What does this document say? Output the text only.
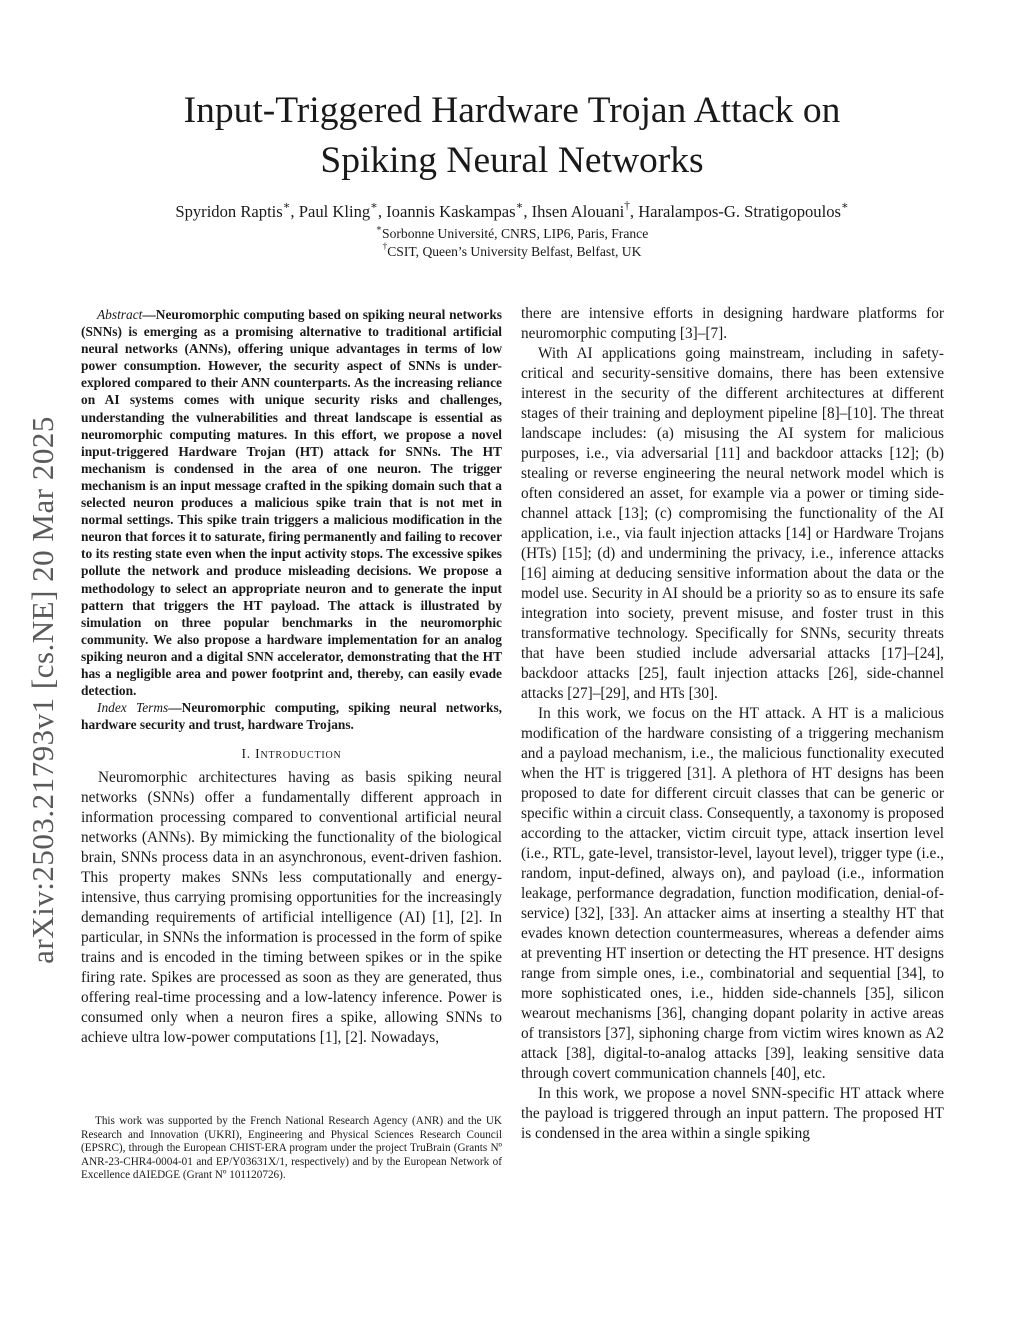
arXiv:2503.21793v1 [cs.NE] 20 Mar 2025
Input-Triggered Hardware Trojan Attack on
Spiking Neural Networks
Spyridon Raptis∗, Paul Kling∗, Ioannis Kaskampas∗, Ihsen Alouani†, Haralampos-G. Stratigopoulos∗
∗Sorbonne Université, CNRS, LIP6, Paris, France
†CSIT, Queen’s University Belfast, Belfast, UK

Abstract—Neuromorphic computing based on spiking neural networks (SNNs) is emerging as a promising alternative to traditional artificial neural networks (ANNs), offering unique advantages in terms of low power consumption. However, the security aspect of SNNs is under-explored compared to their ANN counterparts. As the increasing reliance on AI systems comes with unique security risks and challenges, understanding the vulnerabilities and threat landscape is essential as neuromorphic computing matures. In this effort, we propose a novel input-triggered Hardware Trojan (HT) attack for SNNs. The HT mechanism is condensed in the area of one neuron. The trigger mechanism is an input message crafted in the spiking domain such that a selected neuron produces a malicious spike train that is not met in normal settings. This spike train triggers a malicious modification in the neuron that forces it to saturate, firing permanently and failing to recover to its resting state even when the input activity stops. The excessive spikes pollute the network and produce misleading decisions. We propose a methodology to select an appropriate neuron and to generate the input pattern that triggers the HT payload. The attack is illustrated by simulation on three popular benchmarks in the neuromorphic community. We also propose a hardware implementation for an analog spiking neuron and a digital SNN accelerator, demonstrating that the HT has a negligible area and power footprint and, thereby, can easily evade detection.

Index Terms—Neuromorphic computing, spiking neural networks, hardware security and trust, hardware Trojans.

I. Introduction

Neuromorphic architectures having as basis spiking neural networks (SNNs) offer a fundamentally different approach in information processing compared to conventional artificial neural networks (ANNs). By mimicking the functionality of the biological brain, SNNs process data in an asynchronous, event-driven fashion. This property makes SNNs less computationally and energy-intensive, thus carrying promising opportunities for the increasingly demanding requirements of artificial intelligence (AI) [1], [2]. In particular, in SNNs the information is processed in the form of spike trains and is encoded in the timing between spikes or in the spike firing rate. Spikes are processed as soon as they are generated, thus offering real-time processing and a low-latency inference. Power is consumed only when a neuron fires a spike, allowing SNNs to achieve ultra low-power computations [1], [2]. Nowadays,

This work was supported by the French National Research Agency (ANR) and the UK Research and Innovation (UKRI), Engineering and Physical Sciences Research Council (EPSRC), through the European CHIST-ERA program under the project TruBrain (Grants Nº ANR-23-CHR4-0004-01 and EP/Y03631X/1, respectively) and by the European Network of Excellence dAIEDGE (Grant Nº 101120726).

there are intensive efforts in designing hardware platforms for neuromorphic computing [3]–[7].

With AI applications going mainstream, including in safety-critical and security-sensitive domains, there has been extensive interest in the security of the different architectures at different stages of their training and deployment pipeline [8]–[10]. The threat landscape includes: (a) misusing the AI system for malicious purposes, i.e., via adversarial [11] and backdoor attacks [12]; (b) stealing or reverse engineering the neural network model which is often considered an asset, for example via a power or timing side-channel attack [13]; (c) compromising the functionality of the AI application, i.e., via fault injection attacks [14] or Hardware Trojans (HTs) [15]; (d) and undermining the privacy, i.e., inference attacks [16] aiming at deducing sensitive information about the data or the model use. Security in AI should be a priority so as to ensure its safe integration into society, prevent misuse, and foster trust in this transformative technology. Specifically for SNNs, security threats that have been studied include adversarial attacks [17]–[24], backdoor attacks [25], fault injection attacks [26], side-channel attacks [27]–[29], and HTs [30].

In this work, we focus on the HT attack. A HT is a malicious modification of the hardware consisting of a triggering mechanism and a payload mechanism, i.e., the malicious functionality executed when the HT is triggered [31]. A plethora of HT designs has been proposed to date for different circuit classes that can be generic or specific within a circuit class. Consequently, a taxonomy is proposed according to the attacker, victim circuit type, attack insertion level (i.e., RTL, gate-level, transistor-level, layout level), trigger type (i.e., random, input-defined, always on), and payload (i.e., information leakage, performance degradation, function modification, denial-of-service) [32], [33]. An attacker aims at inserting a stealthy HT that evades known detection countermeasures, whereas a defender aims at preventing HT insertion or detecting the HT presence. HT designs range from simple ones, i.e., combinatorial and sequential [34], to more sophisticated ones, i.e., hidden side-channels [35], silicon wearout mechanisms [36], changing dopant polarity in active areas of transistors [37], siphoning charge from victim wires known as A2 attack [38], digital-to-analog attacks [39], leaking sensitive data through covert communication channels [40], etc.

In this work, we propose a novel SNN-specific HT attack where the payload is triggered through an input pattern. The proposed HT is condensed in the area within a single spiking
